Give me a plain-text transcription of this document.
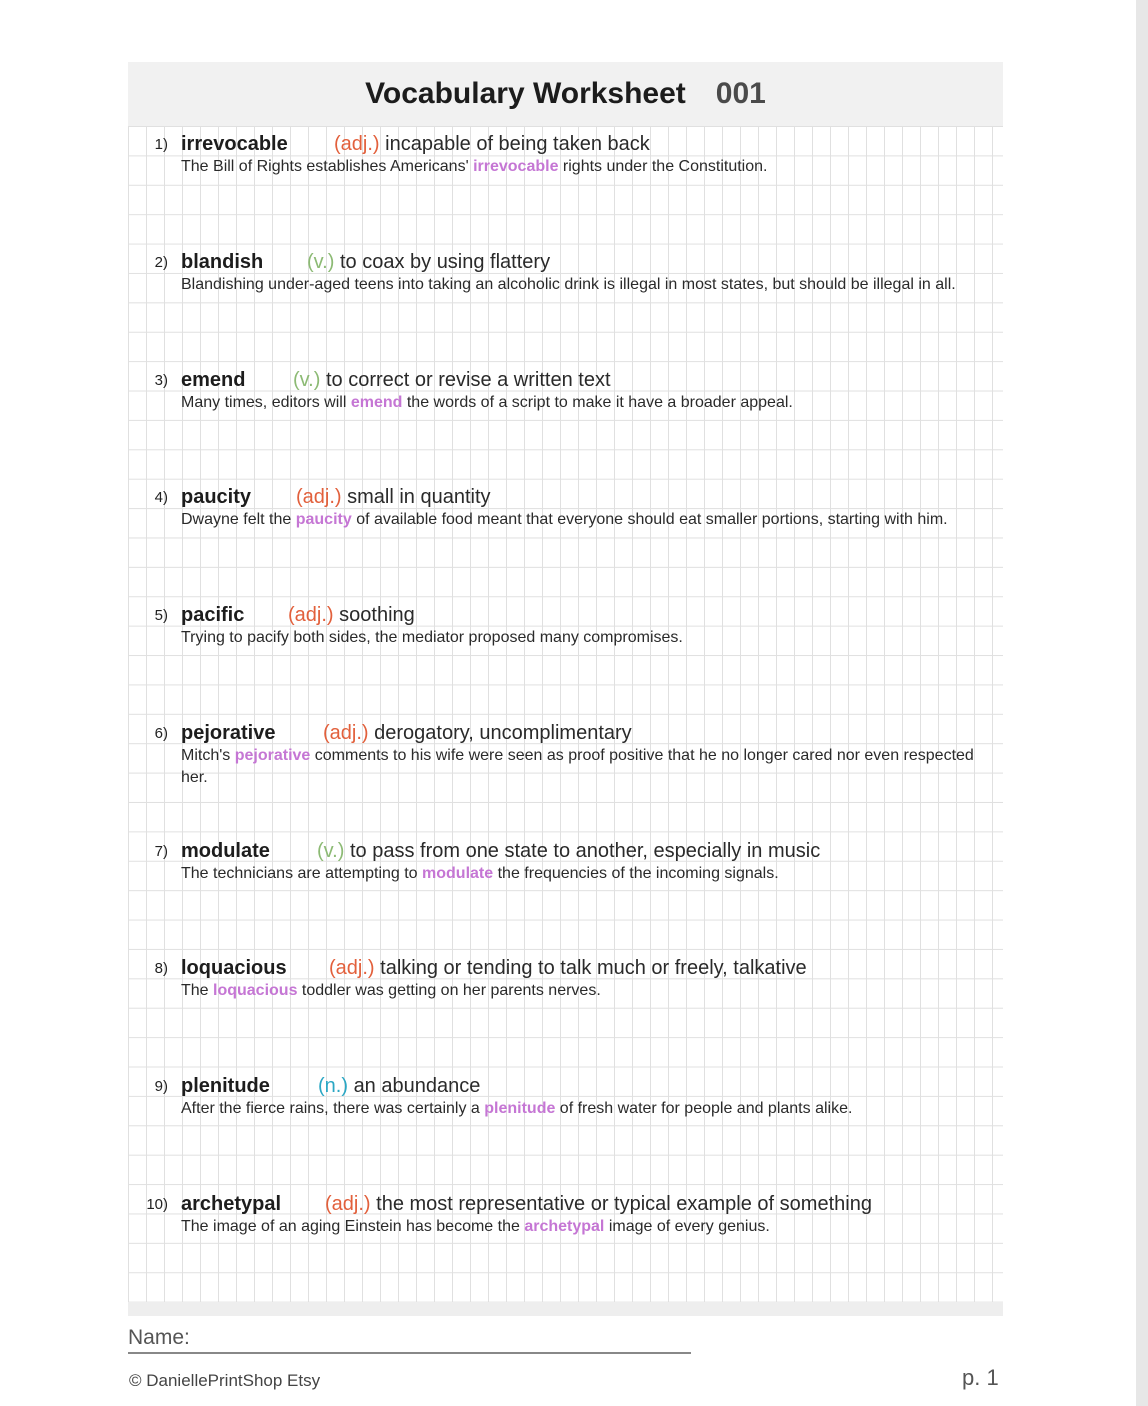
Vocabulary Worksheet 001
1) irrevocable (adj.) incapable of being taken back
The Bill of Rights establishes Americans' irrevocable rights under the Constitution.
2) blandish (v.) to coax by using flattery
Blandishing under-aged teens into taking an alcoholic drink is illegal in most states, but should be illegal in all.
3) emend (v.) to correct or revise a written text
Many times, editors will emend the words of a script to make it have a broader appeal.
4) paucity (adj.) small in quantity
Dwayne felt the paucity of available food meant that everyone should eat smaller portions, starting with him.
5) pacific (adj.) soothing
Trying to pacify both sides, the mediator proposed many compromises.
6) pejorative (adj.) derogatory, uncomplimentary
Mitch's pejorative comments to his wife were seen as proof positive that he no longer cared nor even respected her.
7) modulate (v.) to pass from one state to another, especially in music
The technicians are attempting to modulate the frequencies of the incoming signals.
8) loquacious (adj.) talking or tending to talk much or freely, talkative
The loquacious toddler was getting on her parents nerves.
9) plenitude (n.) an abundance
After the fierce rains, there was certainly a plenitude of fresh water for people and plants alike.
10) archetypal (adj.) the most representative or typical example of something
The image of an aging Einstein has become the archetypal image of every genius.
Name:
© DaniellePrintShop Etsy	p. 1
